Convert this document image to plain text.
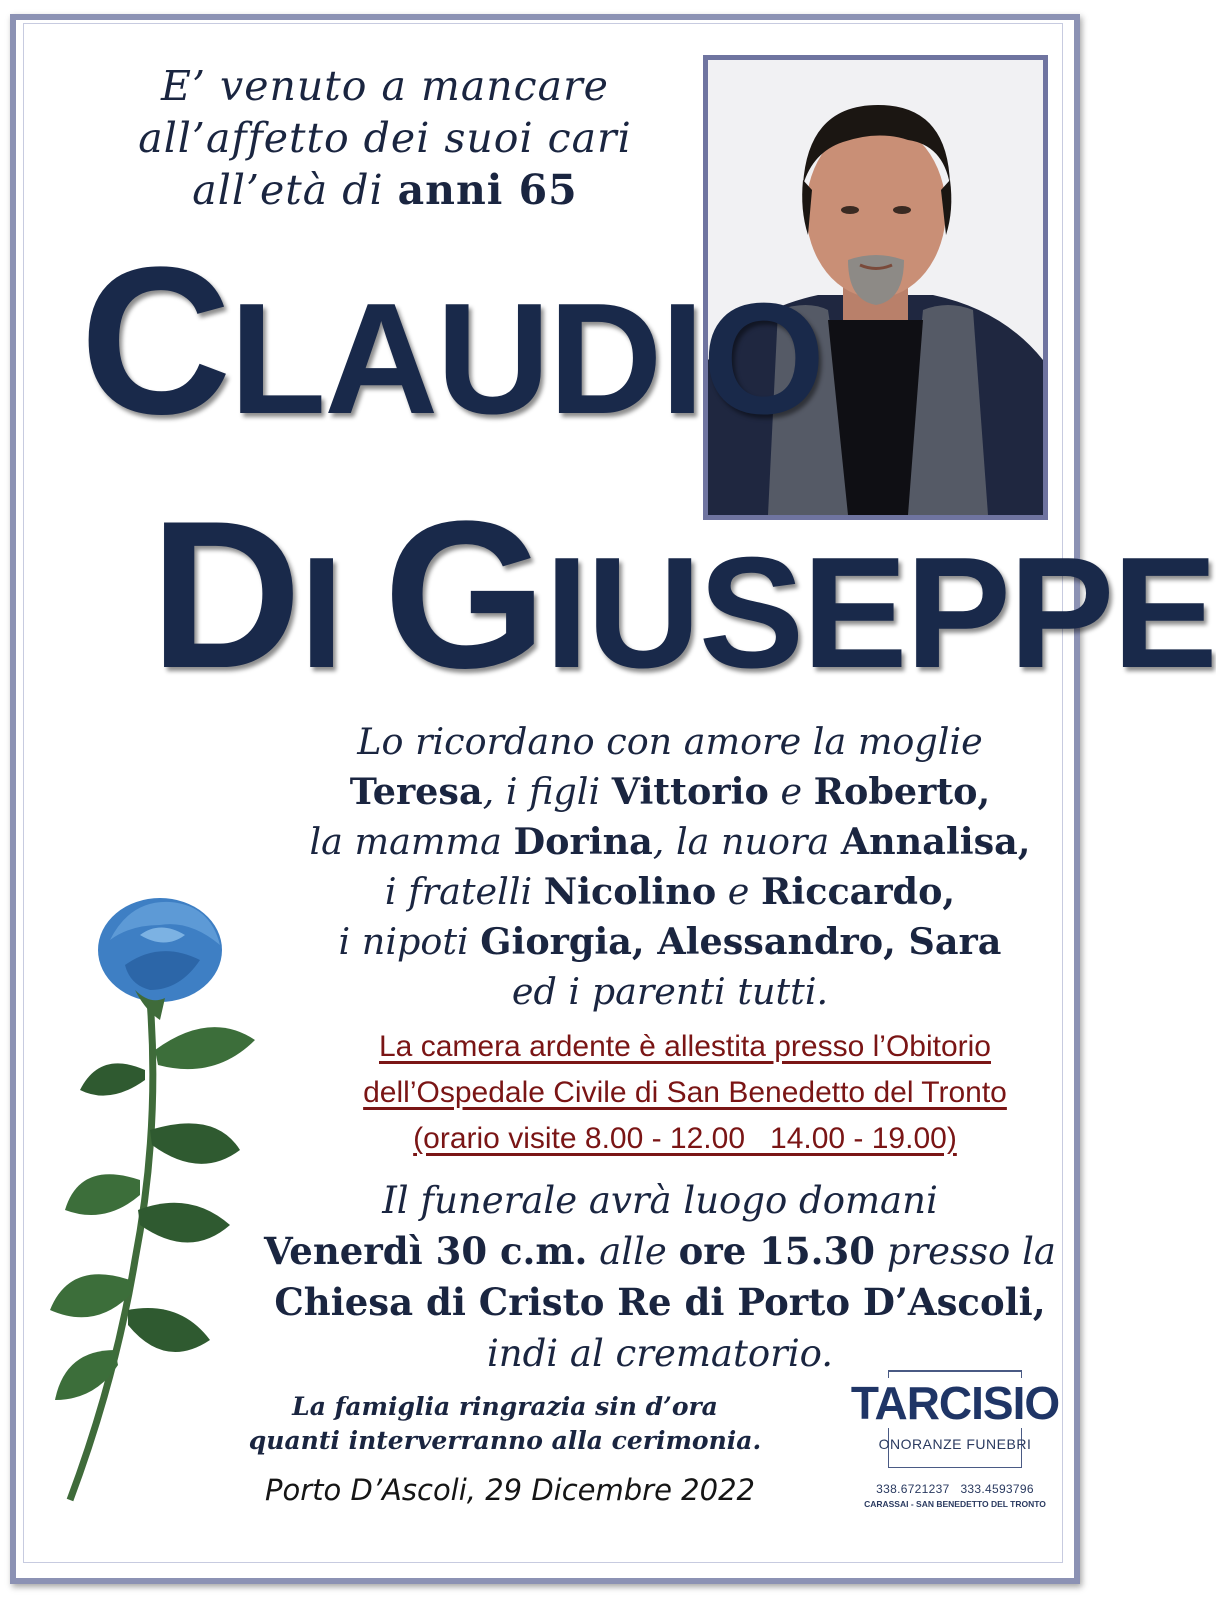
E’ venuto a mancare
all’affetto dei suoi cari
all’età di anni 65
CLAUDIO
DI GIUSEPPE
Lo ricordano con amore la moglie
Teresa, i figli Vittorio e Roberto,
la mamma Dorina, la nuora Annalisa,
i fratelli Nicolino e Riccardo,
i nipoti Giorgia, Alessandro, Sara
ed i parenti tutti.
La camera ardente è allestita presso l’Obitorio
dell’Ospedale Civile di San Benedetto del Tronto
(orario visite 8.00 - 12.00   14.00 - 19.00)
Il funerale avrà luogo domani
Venerdì 30 c.m. alle ore 15.30 presso la
Chiesa di Cristo Re di Porto D’Ascoli,
indi al crematorio.
La famiglia ringrazia sin d’ora
quanti interverranno alla cerimonia.
Porto D’Ascoli, 29 Dicembre 2022
TARCISIO
ONORANZE FUNEBRI
338.6721237   333.4593796
CARASSAI - SAN BENEDETTO DEL TRONTO
